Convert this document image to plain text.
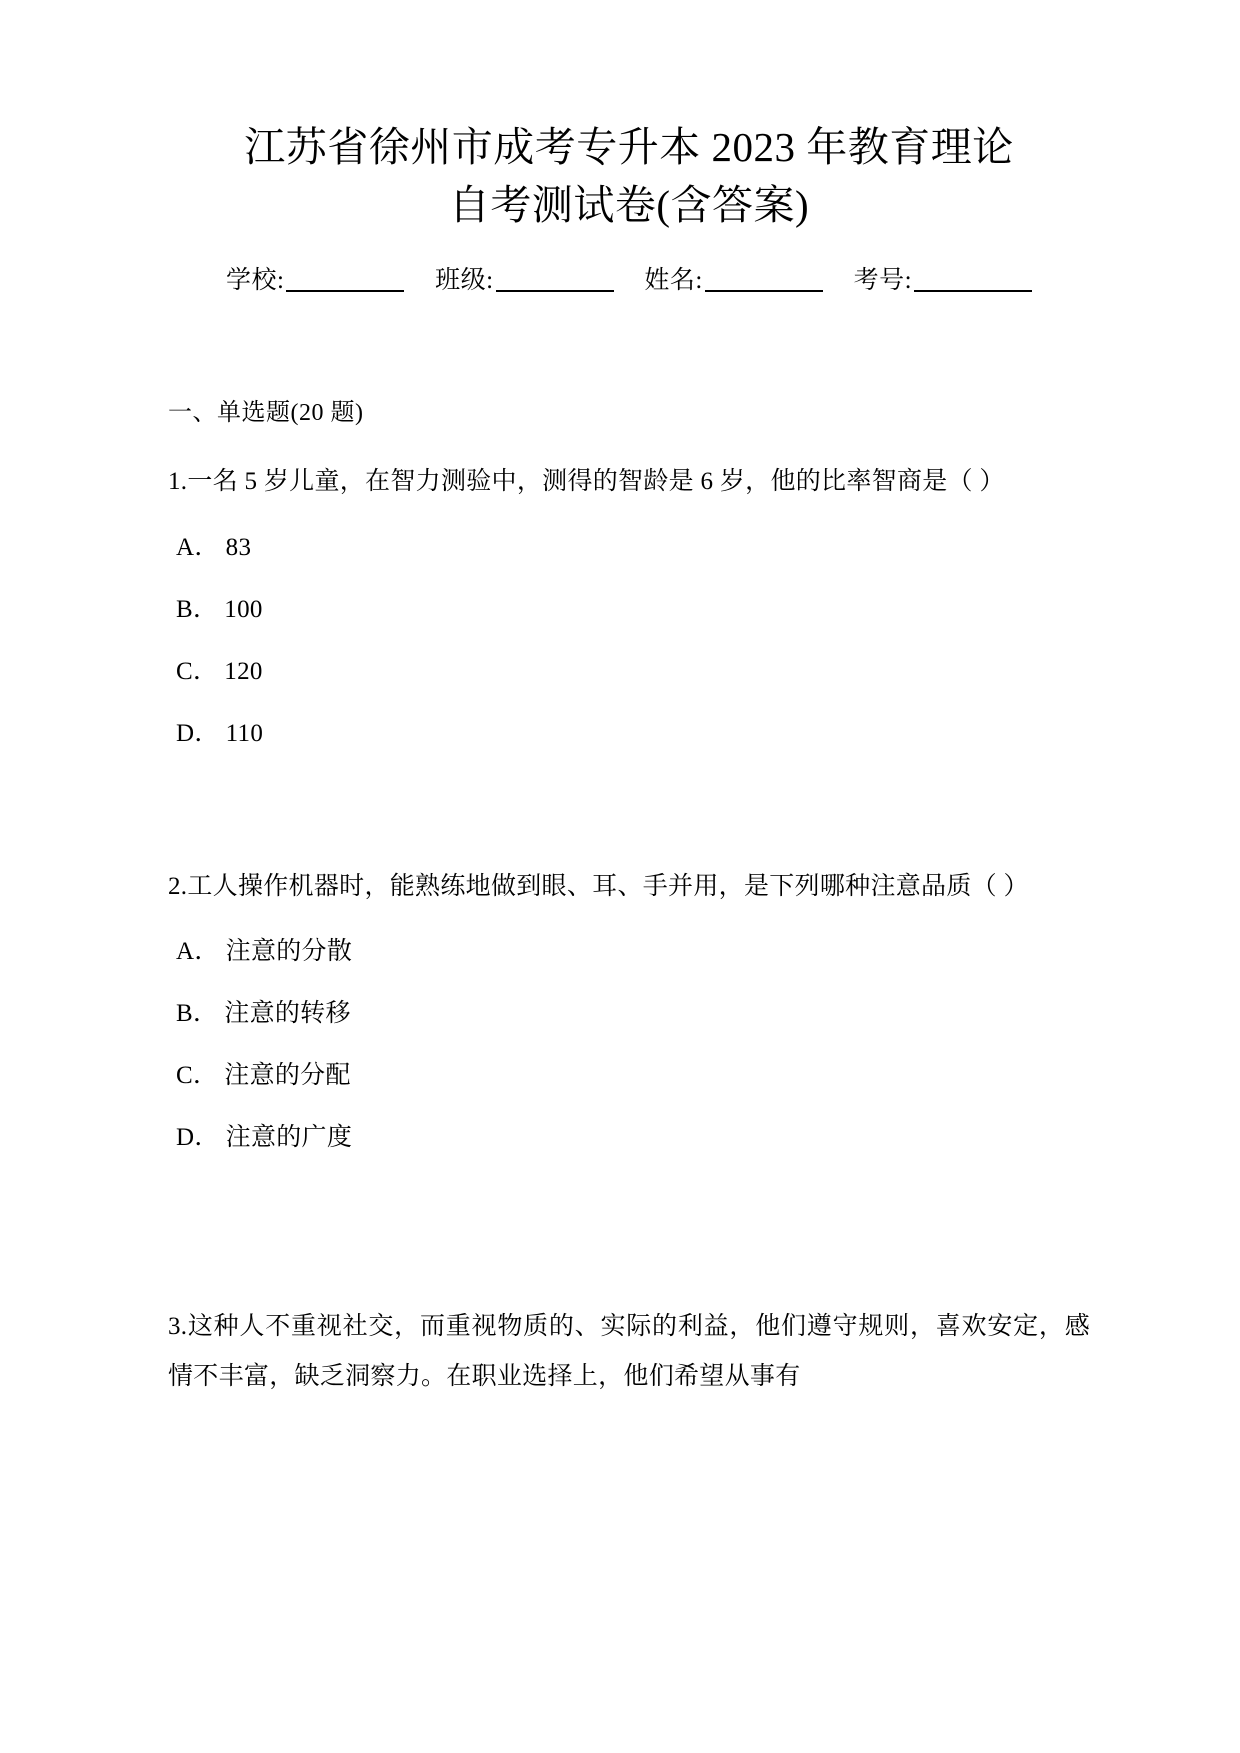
江苏省徐州市成考专升本 2023 年教育理论
自考测试卷(含答案)
学校:	班级:	姓名:	考号:
一、单选题(20 题)
1.一名 5 岁儿童，在智力测验中，测得的智龄是 6 岁，他的比率智商是（ ）
A． 83
B． 100
C． 120
D． 110
2.工人操作机器时，能熟练地做到眼、耳、手并用，是下列哪种注意品质（ ）
A． 注意的分散
B． 注意的转移
C． 注意的分配
D． 注意的广度
3.这种人不重视社交，而重视物质的、实际的利益，他们遵守规则，喜欢安定，感情不丰富，缺乏洞察力。在职业选择上，他们希望从事有
